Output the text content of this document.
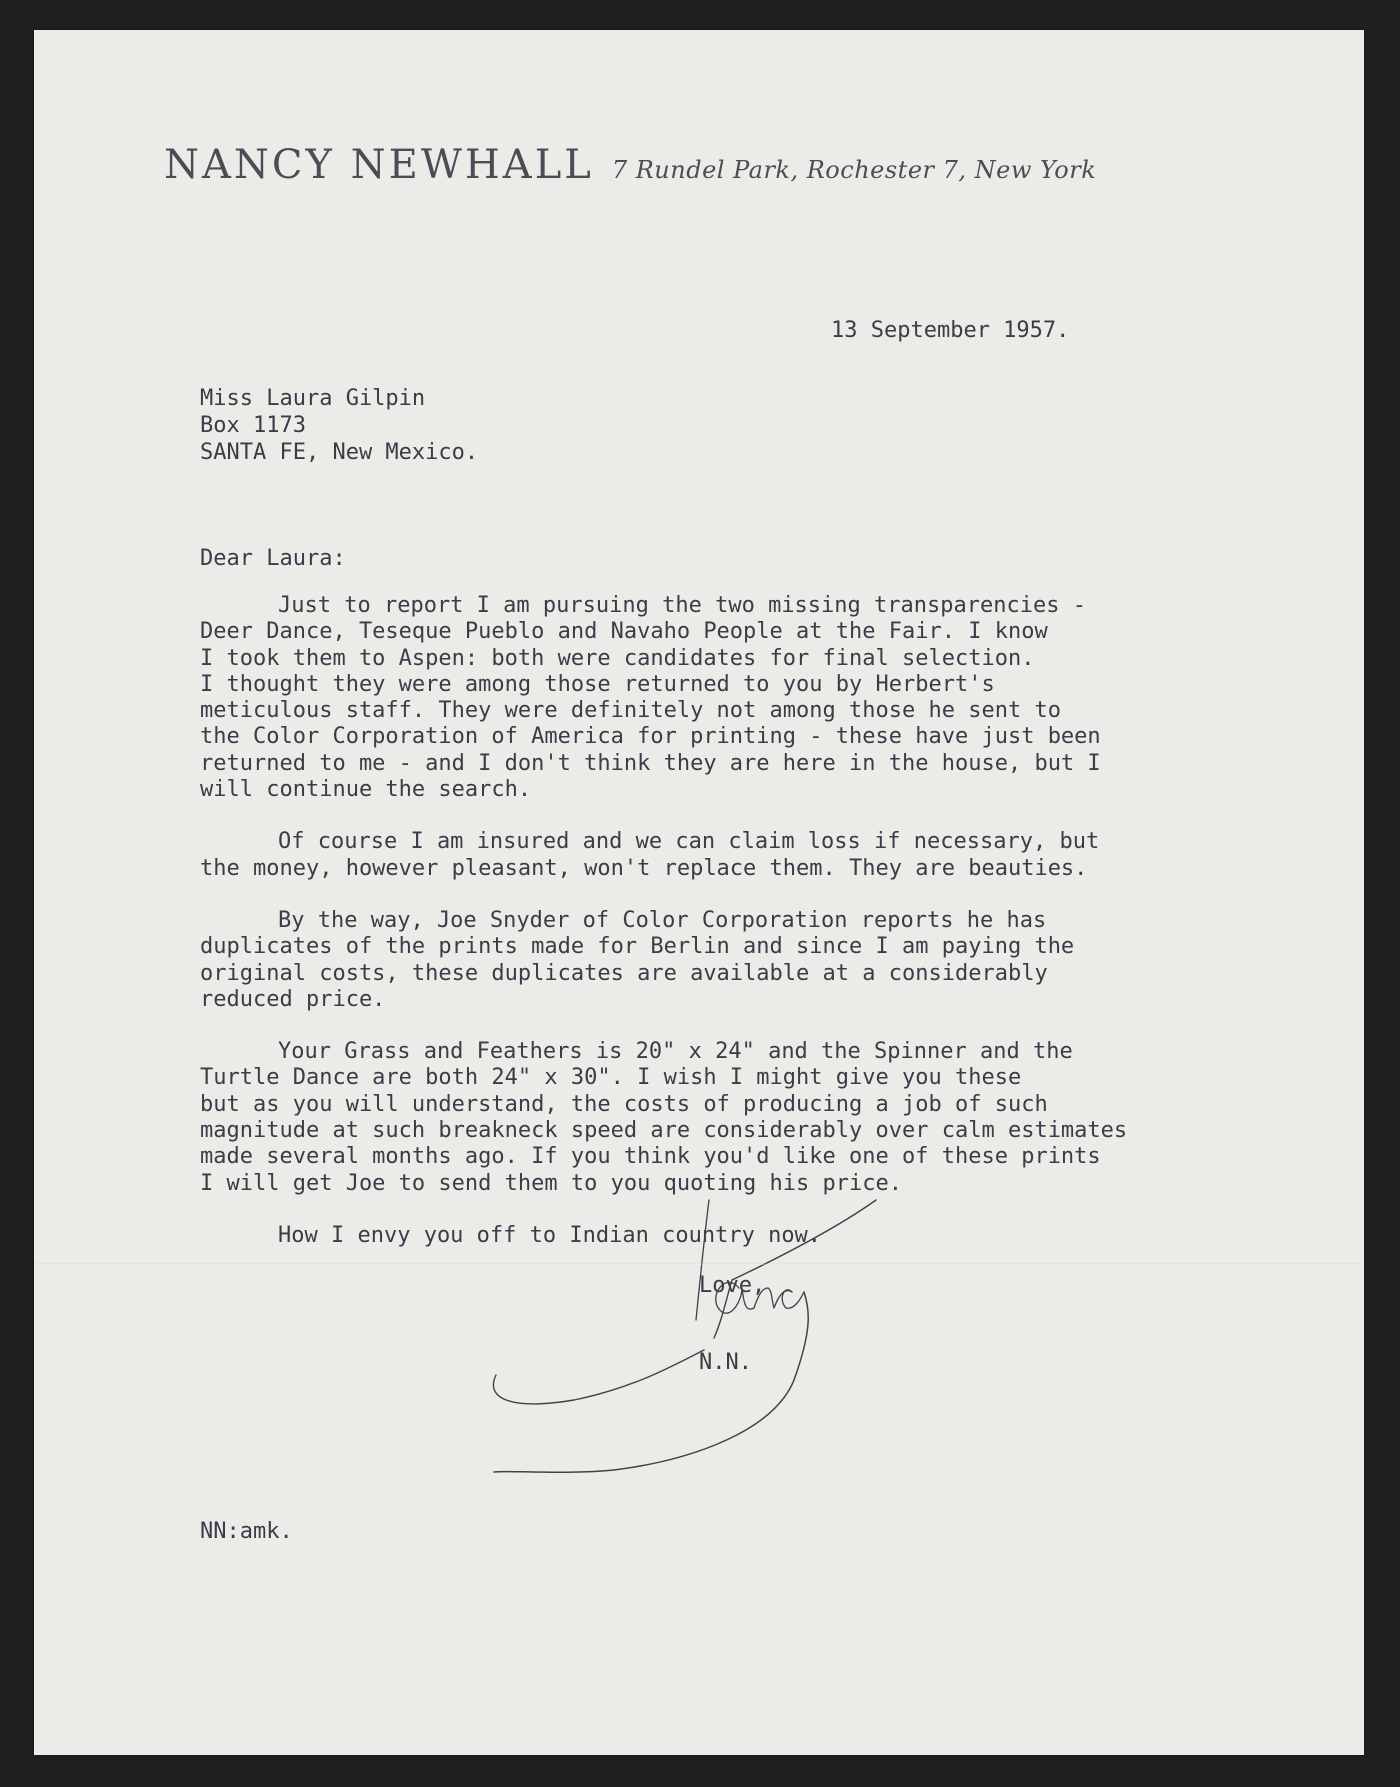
NANCY NEWHALL 7 Rundel Park, Rochester 7, New York
13 September 1957.
Miss Laura Gilpin
Box 1173
SANTA FE, New Mexico.
Dear Laura:
Just to report I am pursuing the two missing transparencies -
Deer Dance, Teseque Pueblo and Navaho People at the Fair. I know
I took them to Aspen: both were candidates for final selection.
I thought they were among those returned to you by Herbert's
meticulous staff. They were definitely not among those he sent to
the Color Corporation of America for printing - these have just been
returned to me - and I don't think they are here in the house, but I
will continue the search.
Of course I am insured and we can claim loss if necessary, but
the money, however pleasant, won't replace them. They are beauties.
By the way, Joe Snyder of Color Corporation reports he has
duplicates of the prints made for Berlin and since I am paying the
original costs, these duplicates are available at a considerably
reduced price.
Your Grass and Feathers is 20" x 24" and the Spinner and the
Turtle Dance are both 24" x 30". I wish I might give you these
but as you will understand, the costs of producing a job of such
magnitude at such breakneck speed are considerably over calm estimates
made several months ago. If you think you'd like one of these prints
I will get Joe to send them to you quoting his price.
How I envy you off to Indian country now.
Love,
N.N.
NN:amk.
